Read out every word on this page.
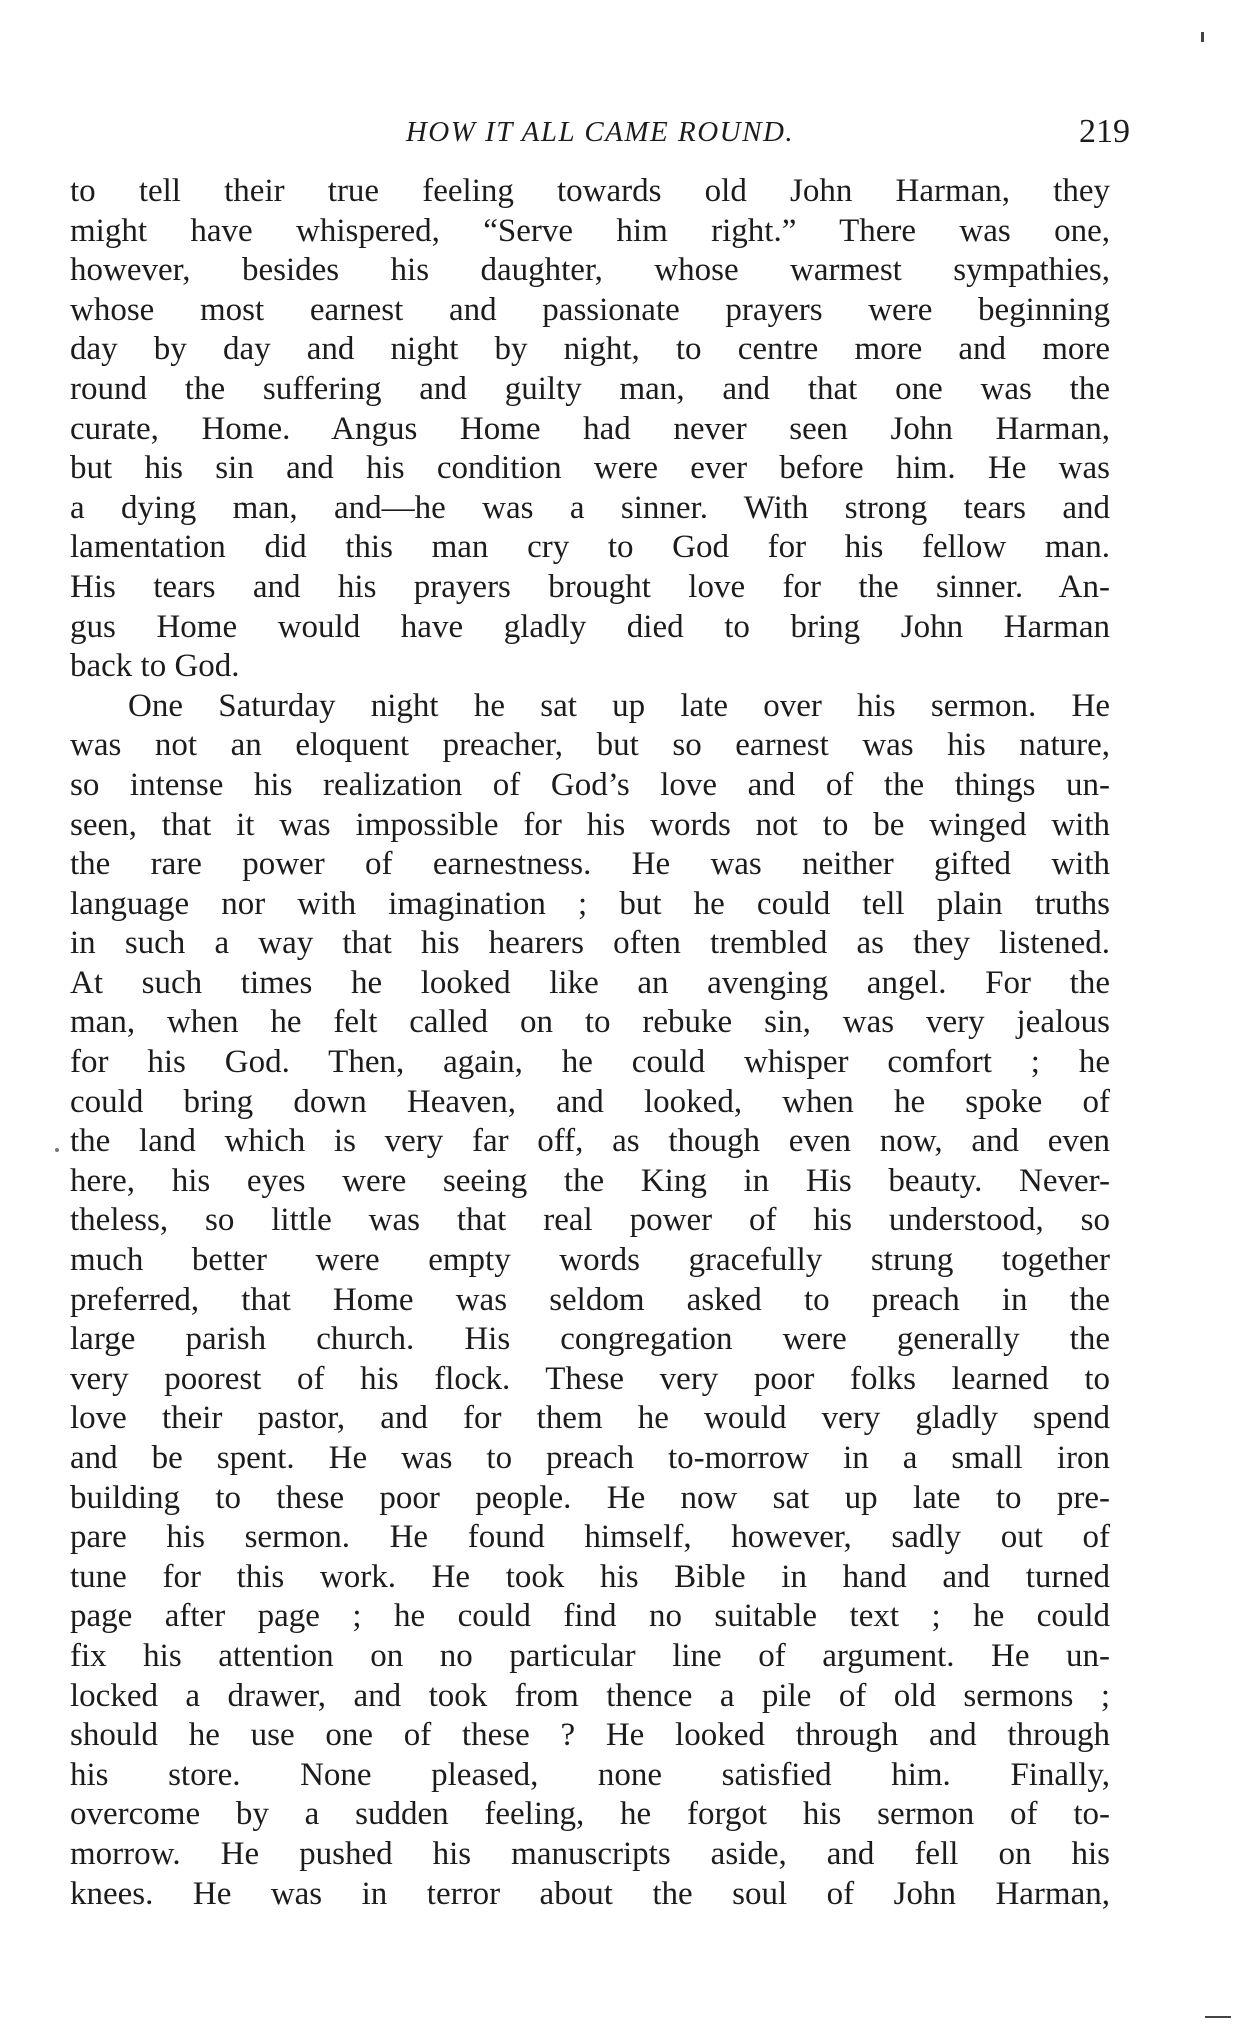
HOW IT ALL CAME ROUND.	219
to tell their true feeling towards old John Harman, they
might have whispered, “Serve him right.” There was one,
however, besides his daughter, whose warmest sympathies,
whose most earnest and passionate prayers were beginning
day by day and night by night, to centre more and more
round the suffering and guilty man, and that one was the
curate, Home. Angus Home had never seen John Harman,
but his sin and his condition were ever before him. He was
a dying man, and—he was a sinner. With strong tears and
lamentation did this man cry to God for his fellow man.
His tears and his prayers brought love for the sinner. An-
gus Home would have gladly died to bring John Harman
back to God.
One Saturday night he sat up late over his sermon. He
was not an eloquent preacher, but so earnest was his nature,
so intense his realization of God’s love and of the things un-
seen, that it was impossible for his words not to be winged with
the rare power of earnestness. He was neither gifted with
language nor with imagination ; but he could tell plain truths
in such a way that his hearers often trembled as they listened.
At such times he looked like an avenging angel. For the
man, when he felt called on to rebuke sin, was very jealous
for his God. Then, again, he could whisper comfort ; he
could bring down Heaven, and looked, when he spoke of
the land which is very far off, as though even now, and even
here, his eyes were seeing the King in His beauty. Never-
theless, so little was that real power of his understood, so
much better were empty words gracefully strung together
preferred, that Home was seldom asked to preach in the
large parish church. His congregation were generally the
very poorest of his flock. These very poor folks learned to
love their pastor, and for them he would very gladly spend
and be spent. He was to preach to-morrow in a small iron
building to these poor people. He now sat up late to pre-
pare his sermon. He found himself, however, sadly out of
tune for this work. He took his Bible in hand and turned
page after page ; he could find no suitable text ; he could
fix his attention on no particular line of argument. He un-
locked a drawer, and took from thence a pile of old sermons ;
should he use one of these ? He looked through and through
his store. None pleased, none satisfied him. Finally,
overcome by a sudden feeling, he forgot his sermon of to-
morrow. He pushed his manuscripts aside, and fell on his
knees. He was in terror about the soul of John Harman,
